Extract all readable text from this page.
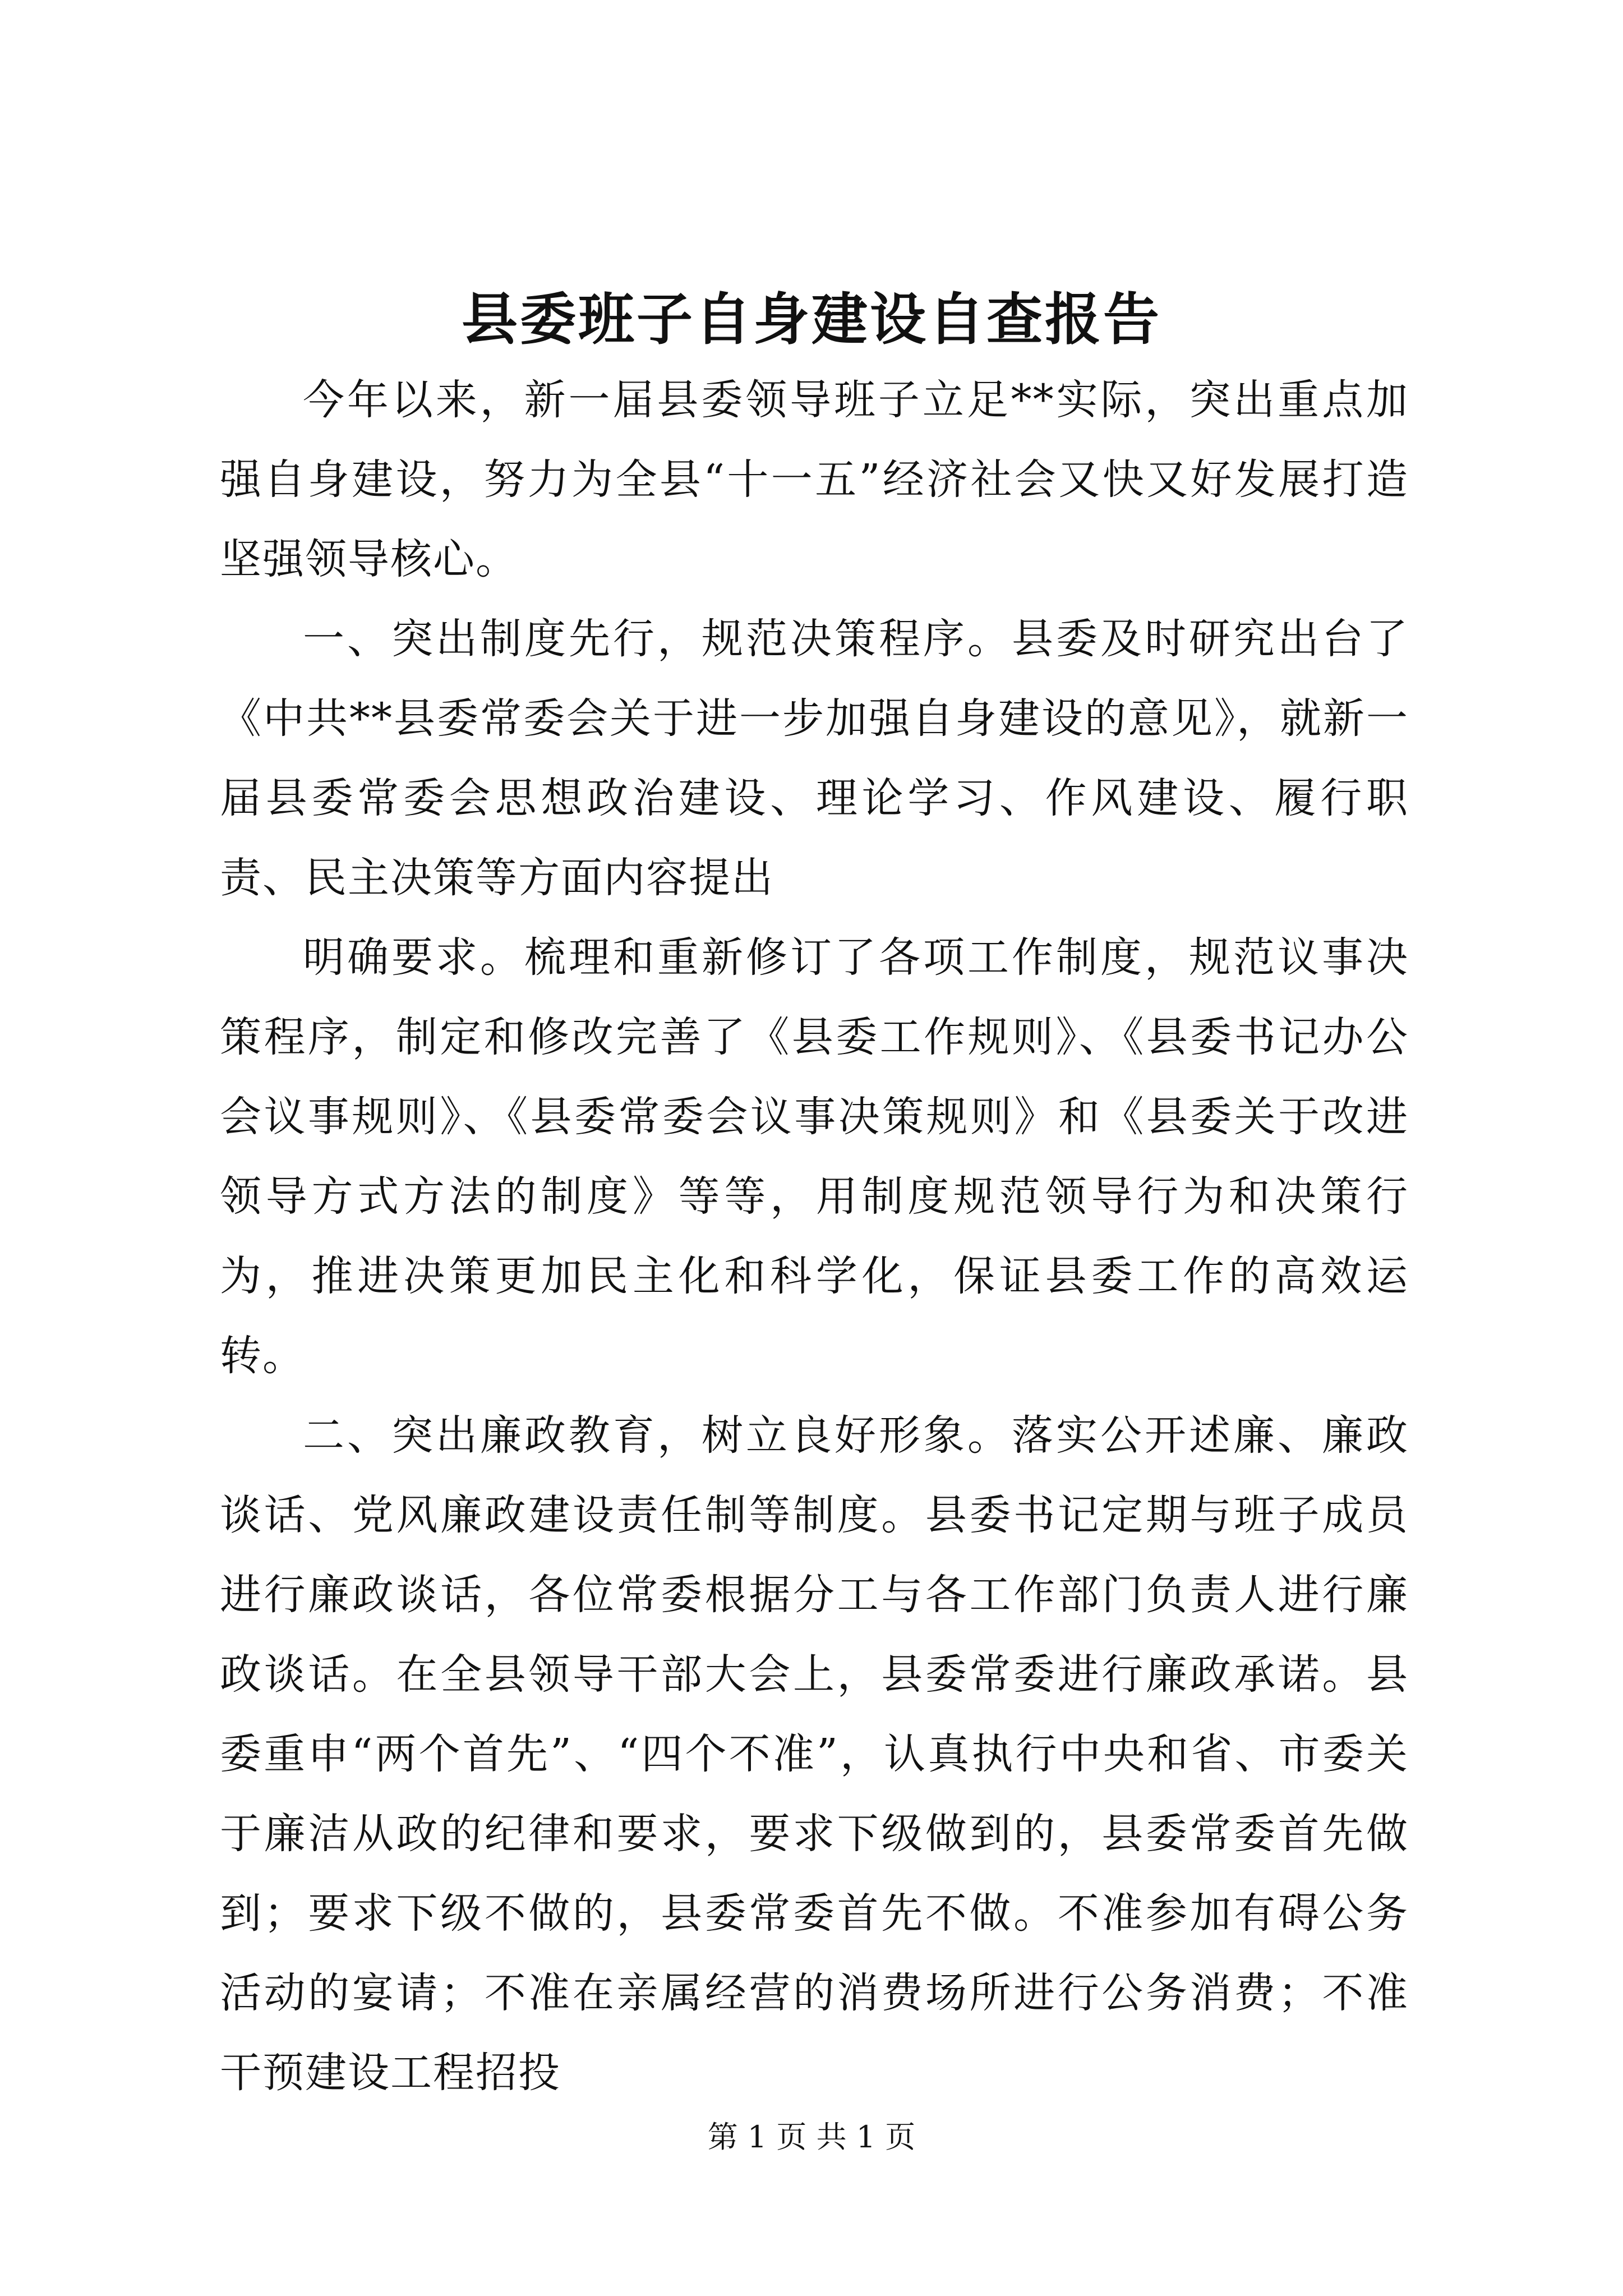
县委班子自身建设自查报告

今年以来，新一届县委领导班子立足**实际，突出重点加强自身建设，努力为全县“十一五”经济社会又快又好发展打造坚强领导核心。

一、突出制度先行，规范决策程序。县委及时研究出台了《中共**县委常委会关于进一步加强自身建设的意见》，就新一届县委常委会思想政治建设、理论学习、作风建设、履行职责、民主决策等方面内容提出

明确要求。梳理和重新修订了各项工作制度，规范议事决策程序，制定和修改完善了《县委工作规则》、《县委书记办公会议事规则》、《县委常委会议事决策规则》和《县委关于改进领导方式方法的制度》等等，用制度规范领导行为和决策行为，推进决策更加民主化和科学化，保证县委工作的高效运转。

二、突出廉政教育，树立良好形象。落实公开述廉、廉政谈话、党风廉政建设责任制等制度。县委书记定期与班子成员进行廉政谈话，各位常委根据分工与各工作部门负责人进行廉政谈话。在全县领导干部大会上，县委常委进行廉政承诺。县委重申“两个首先”、“四个不准”，认真执行中央和省、市委关于廉洁从政的纪律和要求，要求下级做到的，县委常委首先做到；要求下级不做的，县委常委首先不做。不准参加有碍公务活动的宴请；不准在亲属经营的消费场所进行公务消费；不准干预建设工程招投

第 1 页 共 1 页
